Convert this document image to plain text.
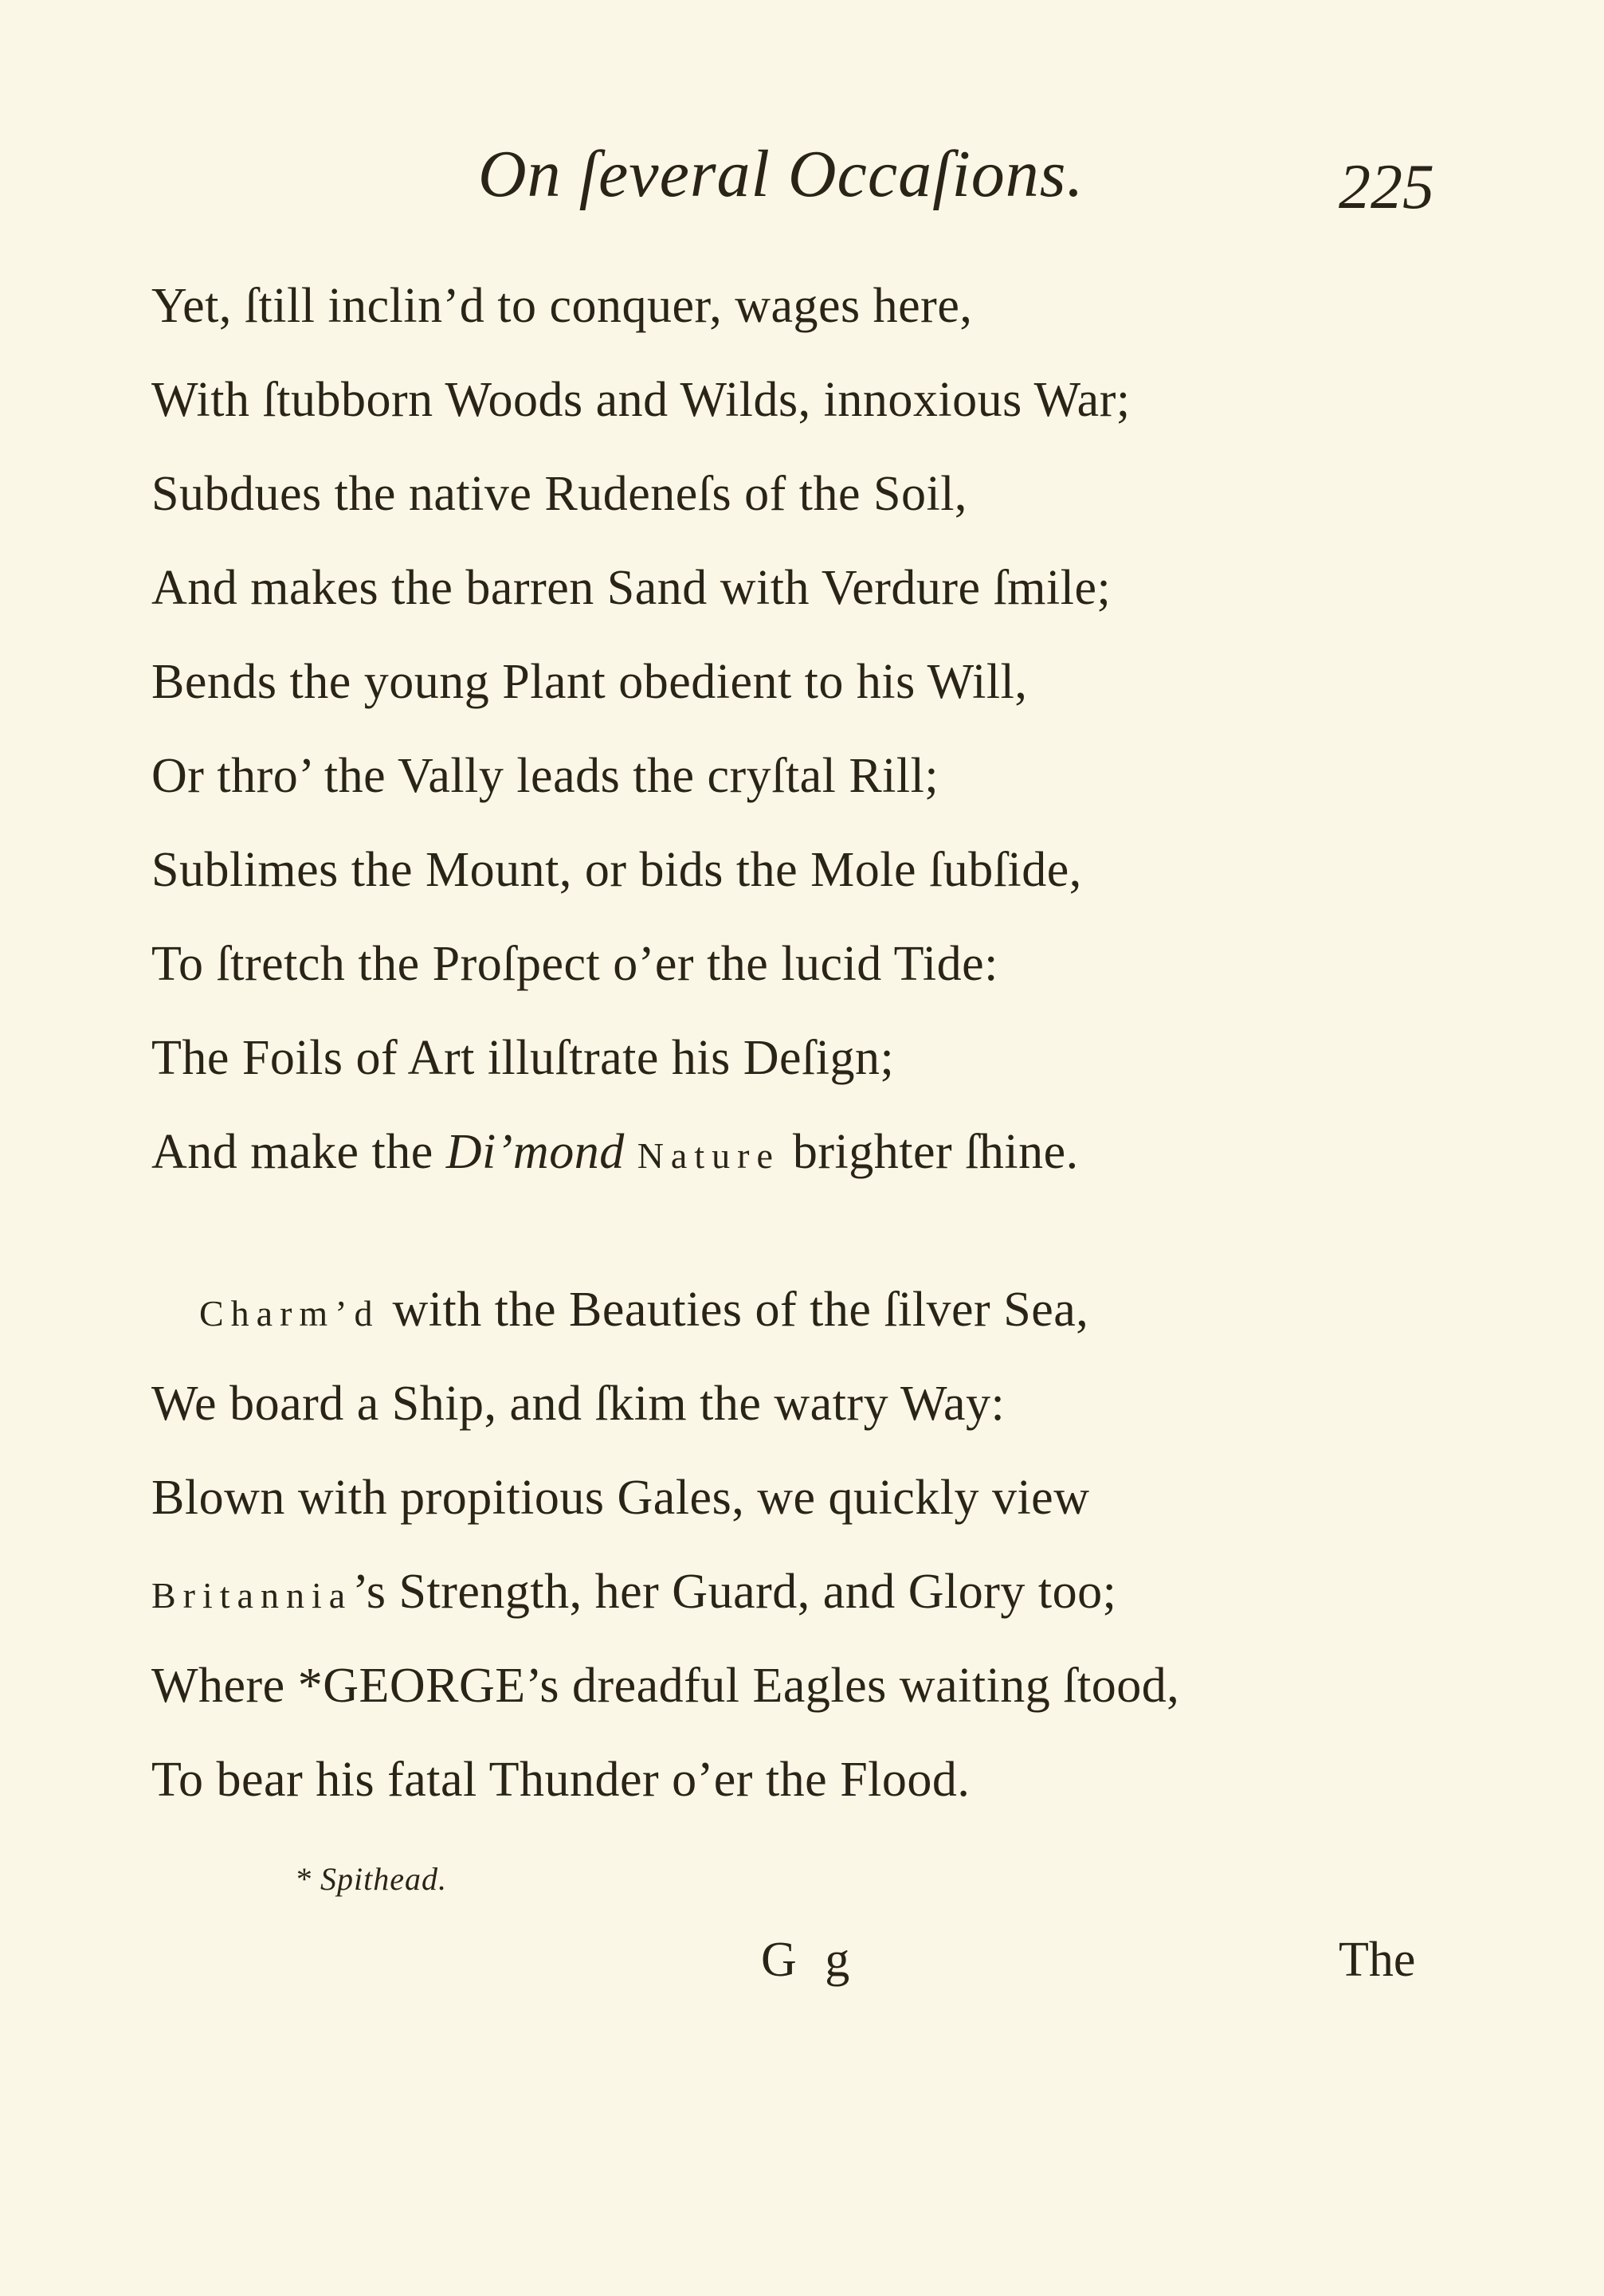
On ſeveral Occaſions.	225
Yet, ſtill inclin’d to conquer, wages here,
With ſtubborn Woods and Wilds, innoxious War;
Subdues the native Rudeneſs of the Soil,
And makes the barren Sand with Verdure ſmile;
Bends the young Plant obedient to his Will,
Or thro’ the Vally leads the cryſtal Rill;
Sublimes the Mount, or bids the Mole ſubſide,
To ſtretch the Proſpect o’er the lucid Tide:
The Foils of Art illuſtrate his Deſign;
And make the Di’mond Nature brighter ſhine.
Charm’d with the Beauties of the ſilver Sea,
We board a Ship, and ſkim the watry Way:
Blown with propitious Gales, we quickly view
Britannia’s Strength, her Guard, and Glory too;
Where *GEORGE’s dreadful Eagles waiting ſtood,
To bear his fatal Thunder o’er the Flood.
* Spithead.
G g	The
